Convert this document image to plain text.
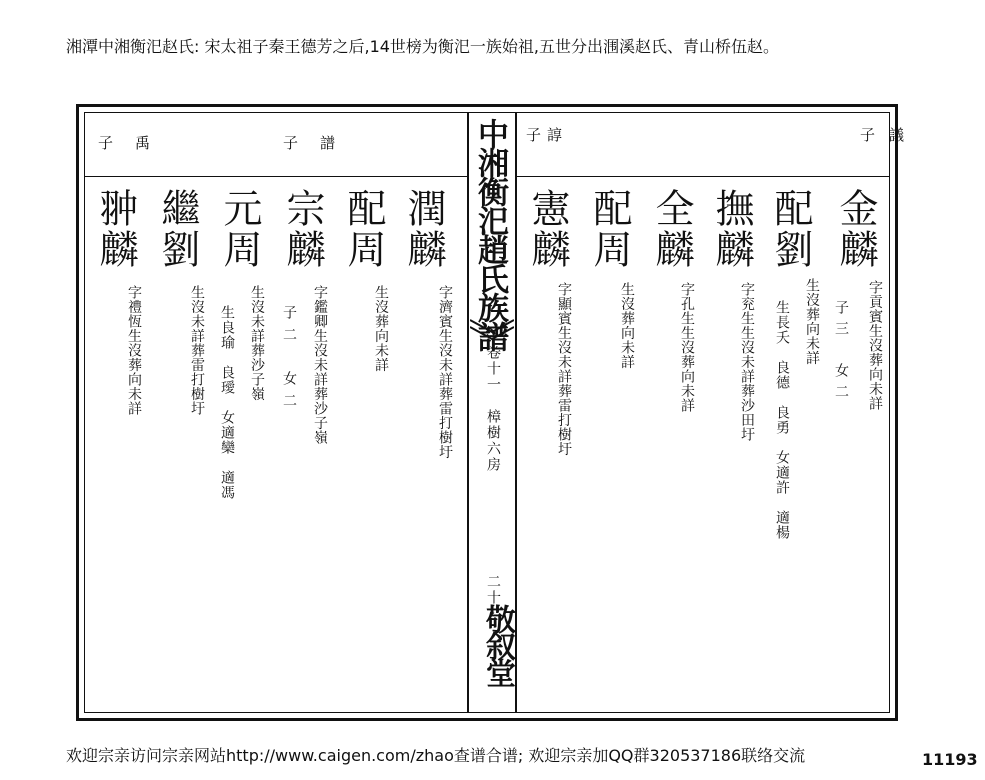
湘潭中湘衡汜赵氏: 宋太祖子秦王德芳之后,14世榜为衡汜一族始祖,五世分出涠溪赵氏、青山桥伍赵。
中湘衡汜趙氏族譜
卷十一　樟樹六房
二十
敬叙堂
子議
子諄
子譜
子禹
金麟
配劉
撫麟
全麟
配周
憲麟
字貢賓生沒葬向未詳
子三　女二
生沒葬向未詳
生長夭　良德　良勇　女適許　適楊
字兖生生沒未詳葬沙田圩
字孔生生沒葬向未詳
生沒葬向未詳
字顯賓生沒未詳葬雷打樹圩
潤麟
配周
宗麟
元周
繼劉
翀麟
字濟賓生沒未詳葬雷打樹圩
生沒葬向未詳
字鑑卿生沒未詳葬沙子嶺
子二　女二
生沒未詳葬沙子嶺
生良瑜　良璦　女適欒　適馮
生沒未詳葬雷打樹圩
字禮恆生沒葬向未詳
欢迎宗亲访问宗亲网站http://www.caigen.com/zhao查谱合谱; 欢迎宗亲加QQ群320537186联络交流	11193
